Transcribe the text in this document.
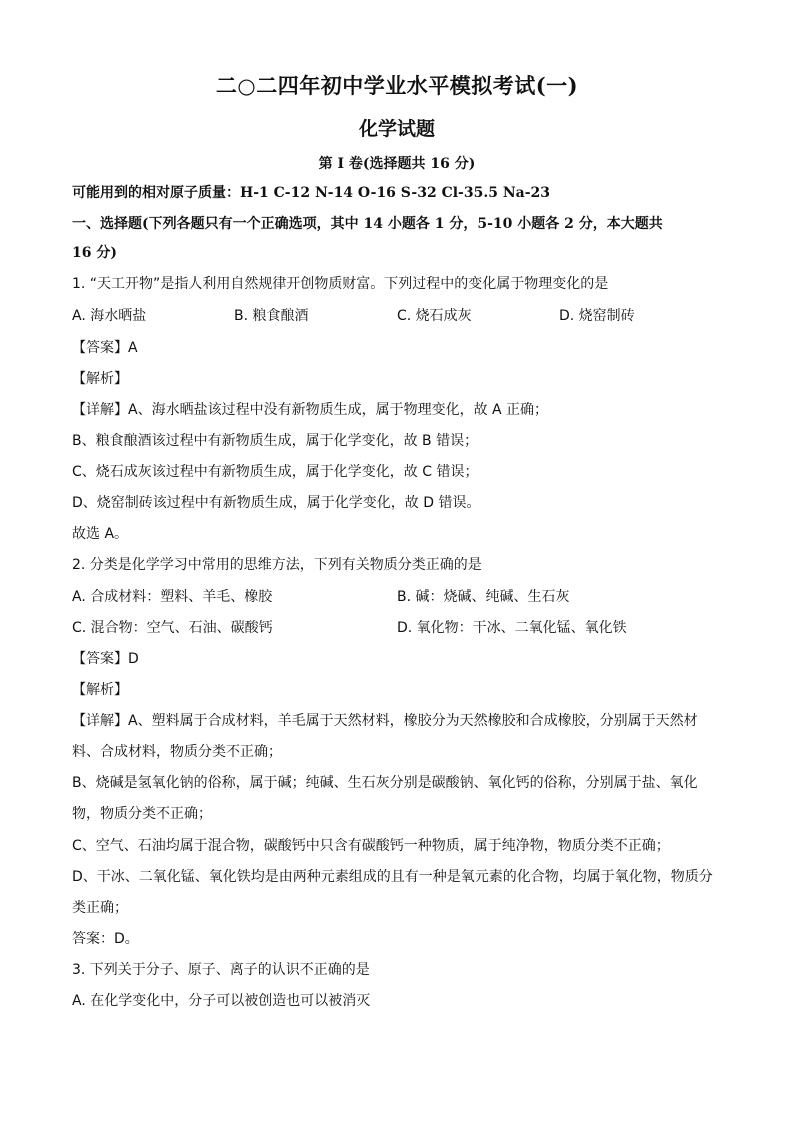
二○二四年初中学业水平模拟考试(一)
化学试题
第 I 卷(选择题共 16 分)
可能用到的相对原子质量：H-1 C-12 N-14 O-16 S-32 Cl-35.5 Na-23
一、选择题(下列各题只有一个正确选项，其中 14 小题各 1 分，5-10 小题各 2 分，本大题共
16 分)
1. “天工开物”是指人利用自然规律开创物质财富。下列过程中的变化属于物理变化的是
A. 海水晒盐	B. 粮食酿酒	C. 烧石成灰	D. 烧窑制砖
【答案】A
【解析】
【详解】A、海水晒盐该过程中没有新物质生成，属于物理变化，故 A 正确；
B、粮食酿酒该过程中有新物质生成，属于化学变化，故 B 错误；
C、烧石成灰该过程中有新物质生成，属于化学变化，故 C 错误；
D、烧窑制砖该过程中有新物质生成，属于化学变化，故 D 错误。
故选 A。
2. 分类是化学学习中常用的思维方法，下列有关物质分类正确的是
A. 合成材料：塑料、羊毛、橡胶	B. 碱：烧碱、纯碱、生石灰
C. 混合物：空气、石油、碳酸钙	D. 氧化物：干冰、二氧化锰、氧化铁
【答案】D
【解析】
【详解】A、塑料属于合成材料，羊毛属于天然材料，橡胶分为天然橡胶和合成橡胶，分别属于天然材
料、合成材料，物质分类不正确；
B、烧碱是氢氧化钠的俗称，属于碱；纯碱、生石灰分别是碳酸钠、氧化钙的俗称，分别属于盐、氧化
物，物质分类不正确；
C、空气、石油均属于混合物，碳酸钙中只含有碳酸钙一种物质，属于纯净物，物质分类不正确；
D、干冰、二氧化锰、氧化铁均是由两种元素组成的且有一种是氧元素的化合物，均属于氧化物，物质分
类正确；
答案：D。
3. 下列关于分子、原子、离子的认识不正确的是
A. 在化学变化中，分子可以被创造也可以被消灭
